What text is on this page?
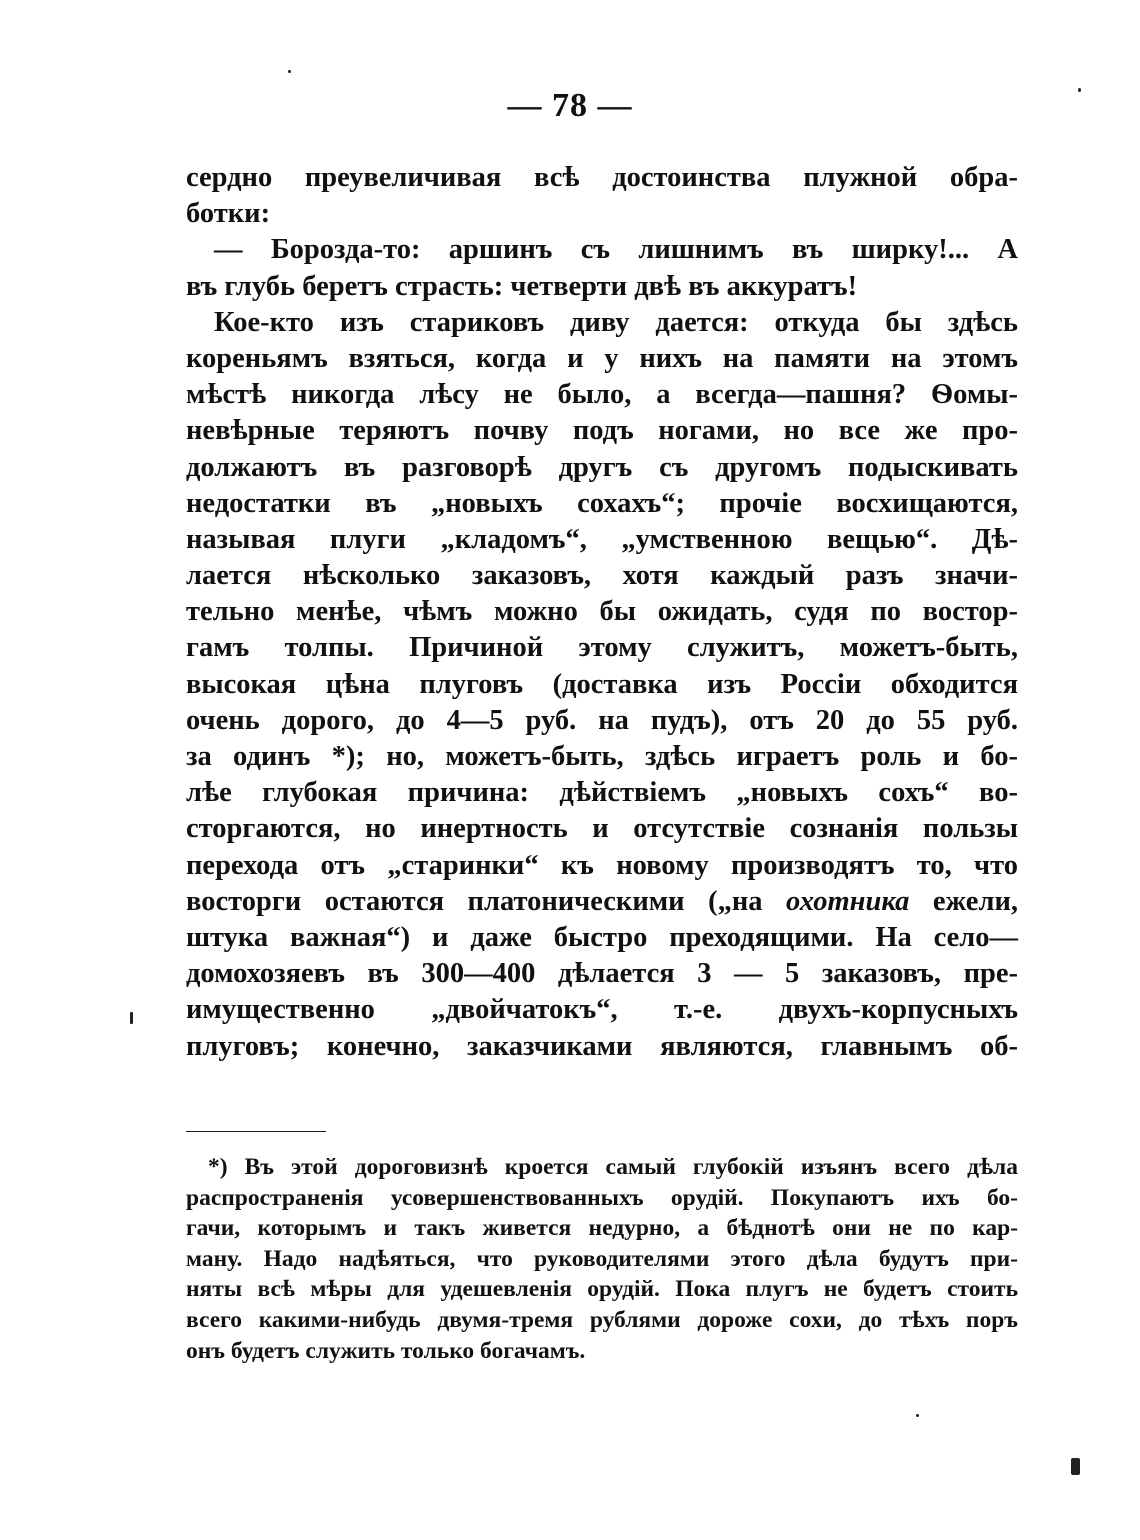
— 78 —
сердно преувеличивая всѣ достоинства плужной обра-
ботки:
— Борозда-то: аршинъ съ лишнимъ въ ширку!... А
въ глубь беретъ страсть: четверти двѣ въ аккуратъ!
Кое-кто изъ стариковъ диву дается: откуда бы здѣсь
кореньямъ взяться, когда и у нихъ на памяти на этомъ
мѣстѣ никогда лѣсу не было, а всегда—пашня? Ѳомы-
невѣрные теряютъ почву подъ ногами, но все же про-
должаютъ въ разговорѣ другъ съ другомъ подыскивать
недостатки въ „новыхъ сохахъ“; прочіе восхищаются,
называя плуги „кладомъ“, „умственною вещью“. Дѣ-
лается нѣсколько заказовъ, хотя каждый разъ значи-
тельно менѣе, чѣмъ можно бы ожидать, судя по востор-
гамъ толпы. Причиной этому служитъ, можетъ-быть,
высокая цѣна плуговъ (доставка изъ Россіи обходится
очень дорого, до 4—5 руб. на пудъ), отъ 20 до 55 руб.
за одинъ *); но, можетъ-быть, здѣсь играетъ роль и бо-
лѣе глубокая причина: дѣйствіемъ „новыхъ сохъ“ во-
сторгаются, но инертность и отсутствіе сознанія пользы
перехода отъ „старинки“ къ новому производятъ то, что
восторги остаются платоническими („на охотника ежели,
штука важная“) и даже быстро преходящими. На село—
домохозяевъ въ 300—400 дѣлается 3 — 5 заказовъ, пре-
имущественно „двойчатокъ“, т.-е. двухъ-корпусныхъ
плуговъ; конечно, заказчиками являются, главнымъ об-
*) Въ этой дороговизнѣ кроется самый глубокій изъянъ всего дѣла
распространенія усовершенствованныхъ орудій. Покупаютъ ихъ бо-
гачи, которымъ и такъ живется недурно, а бѣднотѣ они не по кар-
ману. Надо надѣяться, что руководителями этого дѣла будутъ при-
няты всѣ мѣры для удешевленія орудій. Пока плугъ не будетъ стоить
всего какими-нибудь двумя-тремя рублями дороже сохи, до тѣхъ поръ
онъ будетъ служить только богачамъ.
